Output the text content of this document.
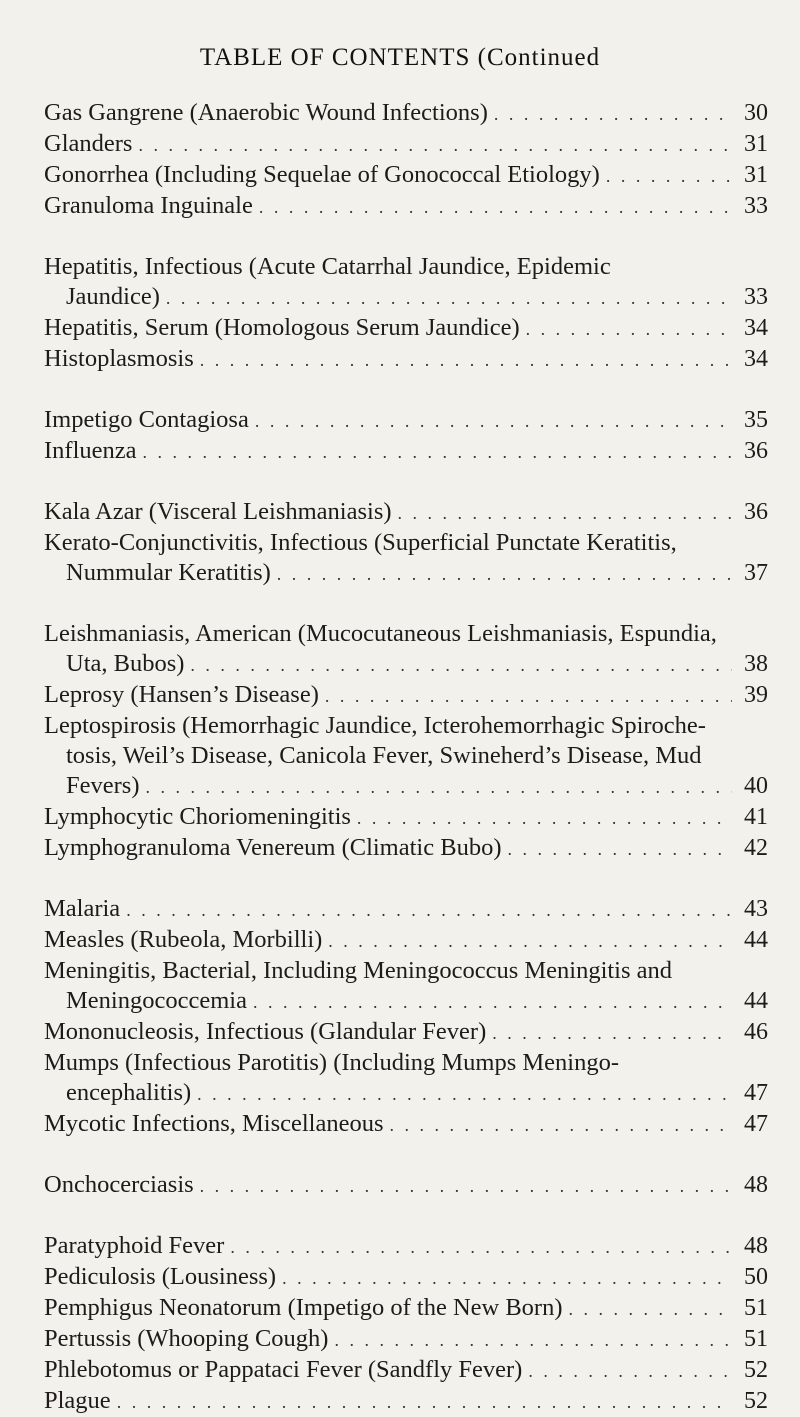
TABLE OF CONTENTS (Continued
Gas Gangrene (Anaerobic Wound Infections) . . .	30
Glanders . . .	31
Gonorrhea (Including Sequelae of Gonococcal Etiology) . . .	31
Granuloma Inguinale . . .	33
Hepatitis, Infectious (Acute Catarrhal Jaundice, Epidemic
Jaundice) . . .	33
Hepatitis, Serum (Homologous Serum Jaundice) . . .	34
Histoplasmosis . . .	34
Impetigo Contagiosa . . .	35
Influenza . . .	36
Kala Azar (Visceral Leishmaniasis) . . .	36
Kerato-Conjunctivitis, Infectious (Superficial Punctate Keratitis,
Nummular Keratitis) . . .	37
Leishmaniasis, American (Mucocutaneous Leishmaniasis, Espundia,
Uta, Bubos) . . .	38
Leprosy (Hansen’s Disease) . . .	39
Leptospirosis (Hemorrhagic Jaundice, Icterohemorrhagic Spiroche-
tosis, Weil’s Disease, Canicola Fever, Swineherd’s Disease, Mud
Fevers) . . .	40
Lymphocytic Choriomeningitis . . .	41
Lymphogranuloma Venereum (Climatic Bubo) . . .	42
Malaria . . .	43
Measles (Rubeola, Morbilli) . . .	44
Meningitis, Bacterial, Including Meningococcus Meningitis and
Meningococcemia . . .	44
Mononucleosis, Infectious (Glandular Fever) . . .	46
Mumps (Infectious Parotitis) (Including Mumps Meningo-
encephalitis) . . .	47
Mycotic Infections, Miscellaneous . . .	47
Onchocerciasis . . .	48
Paratyphoid Fever . . .	48
Pediculosis (Lousiness) . . .	50
Pemphigus Neonatorum (Impetigo of the New Born) . . .	51
Pertussis (Whooping Cough) . . .	51
Phlebotomus or Pappataci Fever (Sandfly Fever) . . .	52
Plague . . .	52
